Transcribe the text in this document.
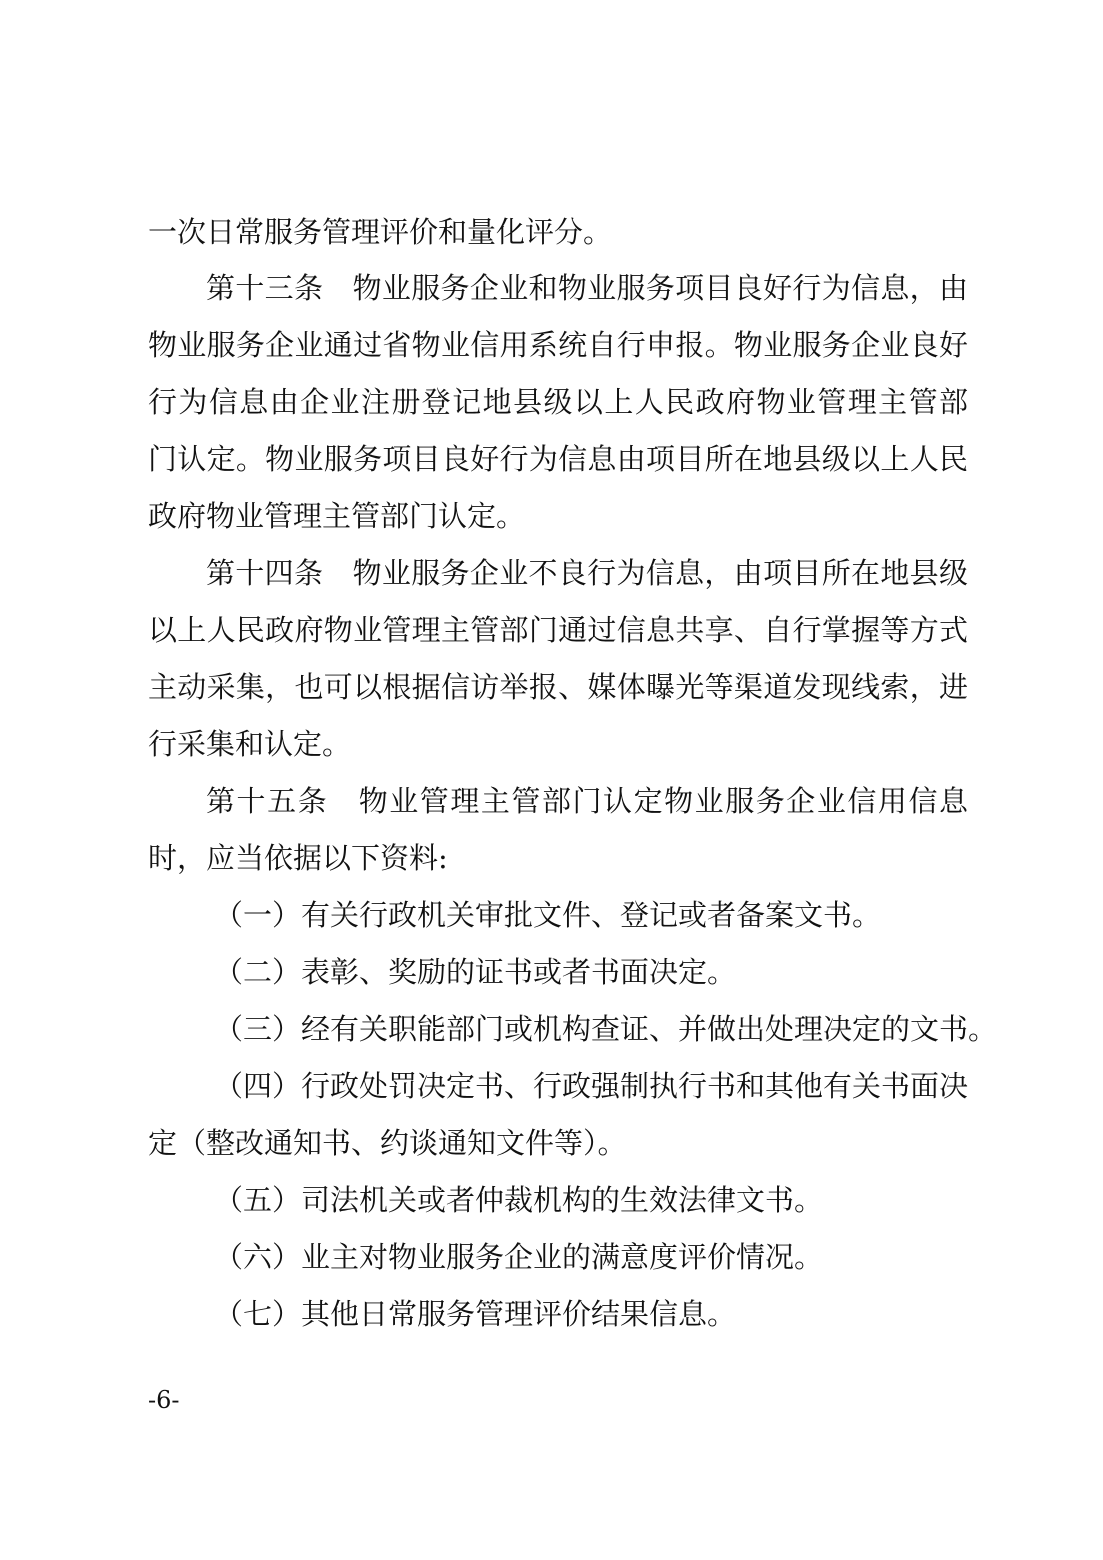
一次日常服务管理评价和量化评分。
第十三条　物业服务企业和物业服务项目良好行为信息，由
物业服务企业通过省物业信用系统自行申报。物业服务企业良好
行为信息由企业注册登记地县级以上人民政府物业管理主管部
门认定。物业服务项目良好行为信息由项目所在地县级以上人民
政府物业管理主管部门认定。
第十四条　物业服务企业不良行为信息，由项目所在地县级
以上人民政府物业管理主管部门通过信息共享、自行掌握等方式
主动采集，也可以根据信访举报、媒体曝光等渠道发现线索，进
行采集和认定。
第十五条　物业管理主管部门认定物业服务企业信用信息
时，应当依据以下资料:
（一）有关行政机关审批文件、登记或者备案文书。
（二）表彰、奖励的证书或者书面决定。
（三）经有关职能部门或机构查证、并做出处理决定的文书。
（四）行政处罚决定书、行政强制执行书和其他有关书面决
定（整改通知书、约谈通知文件等）。
（五）司法机关或者仲裁机构的生效法律文书。
（六）业主对物业服务企业的满意度评价情况。
（七）其他日常服务管理评价结果信息。
-6-
